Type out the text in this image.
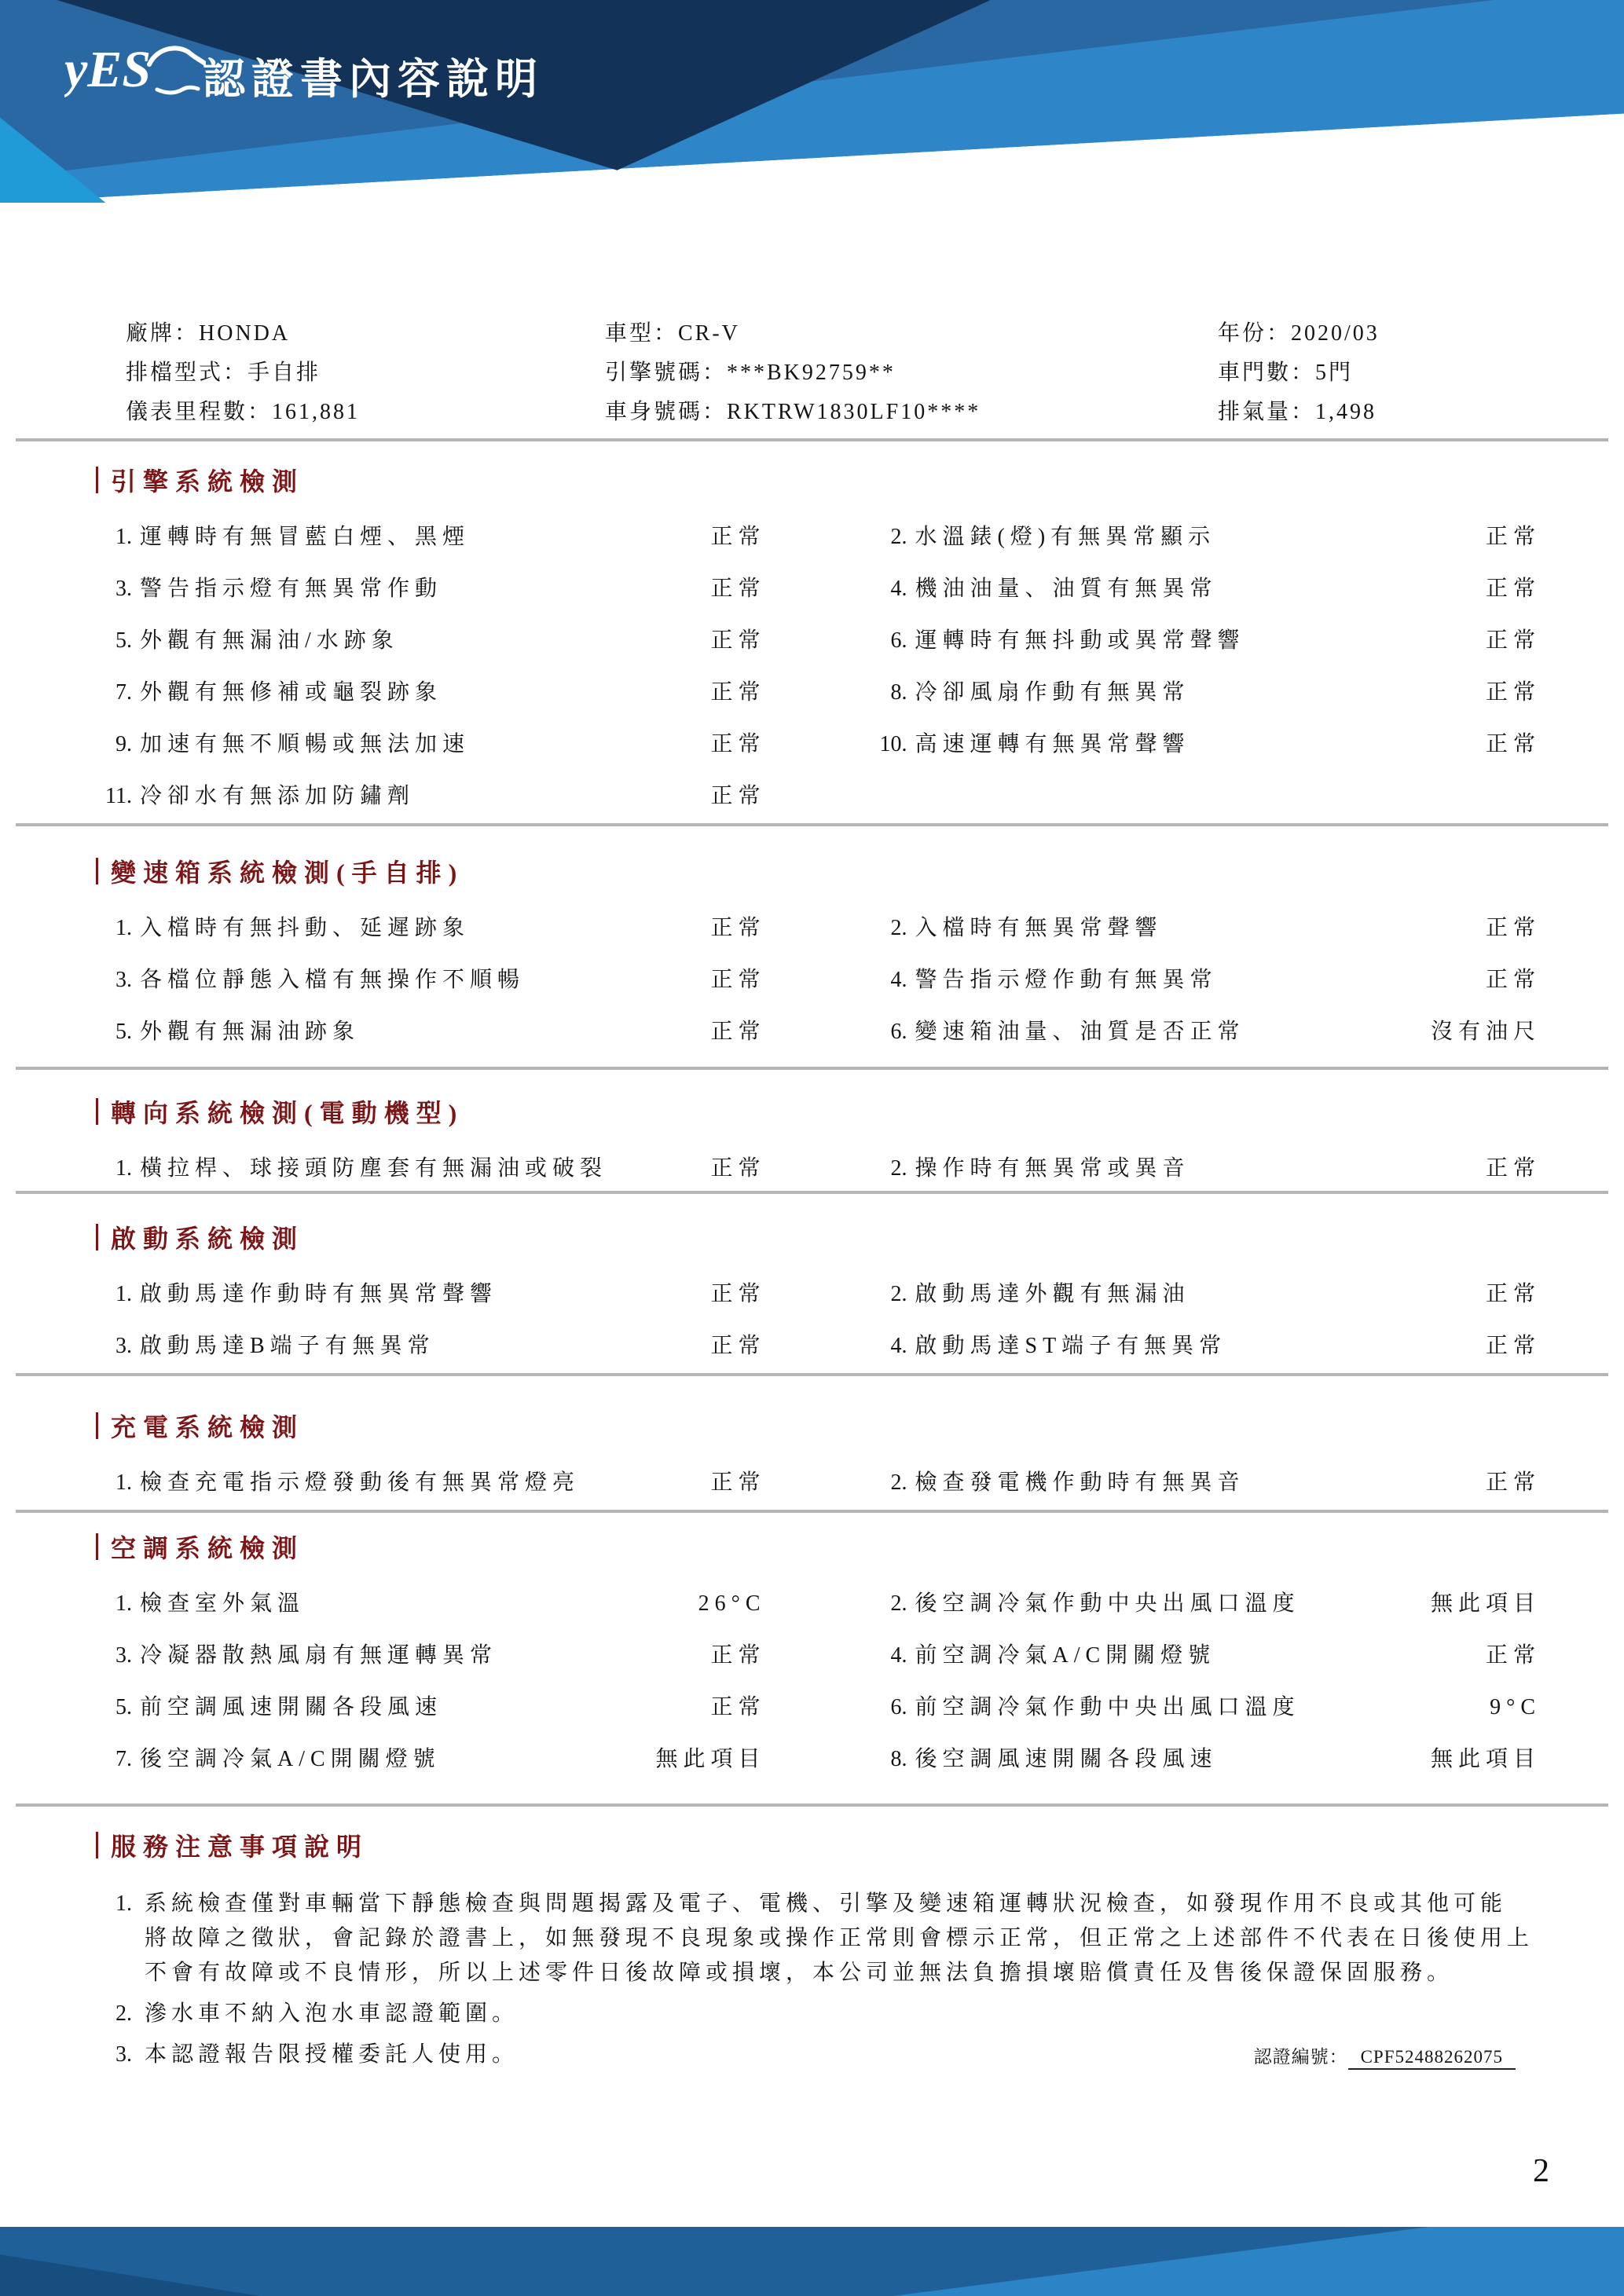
yES 認證書內容說明
廠牌：HONDA	車型：CR-V	年份：2020/03
排檔型式：手自排	引擎號碼：***BK92759**	車門數：5門
儀表里程數：161,881	車身號碼：RKTRW1830LF10****	排氣量：1,498
引擎系統檢測
1. 運轉時有無冒藍白煙、黑煙	正常	2. 水溫錶(燈)有無異常顯示	正常
3. 警告指示燈有無異常作動	正常	4. 機油油量、油質有無異常	正常
5. 外觀有無漏油/水跡象	正常	6. 運轉時有無抖動或異常聲響	正常
7. 外觀有無修補或龜裂跡象	正常	8. 冷卻風扇作動有無異常	正常
9. 加速有無不順暢或無法加速	正常	10. 高速運轉有無異常聲響	正常
11. 冷卻水有無添加防鏽劑	正常
變速箱系統檢測(手自排)
1. 入檔時有無抖動、延遲跡象	正常	2. 入檔時有無異常聲響	正常
3. 各檔位靜態入檔有無操作不順暢	正常	4. 警告指示燈作動有無異常	正常
5. 外觀有無漏油跡象	正常	6. 變速箱油量、油質是否正常	沒有油尺
轉向系統檢測(電動機型)
1. 橫拉桿、球接頭防塵套有無漏油或破裂	正常	2. 操作時有無異常或異音	正常
啟動系統檢測
1. 啟動馬達作動時有無異常聲響	正常	2. 啟動馬達外觀有無漏油	正常
3. 啟動馬達B端子有無異常	正常	4. 啟動馬達ST端子有無異常	正常
充電系統檢測
1. 檢查充電指示燈發動後有無異常燈亮	正常	2. 檢查發電機作動時有無異音	正常
空調系統檢測
1. 檢查室外氣溫	26°C	2. 後空調冷氣作動中央出風口溫度	無此項目
3. 冷凝器散熱風扇有無運轉異常	正常	4. 前空調冷氣A/C開關燈號	正常
5. 前空調風速開關各段風速	正常	6. 前空調冷氣作動中央出風口溫度	9°C
7. 後空調冷氣A/C開關燈號	無此項目	8. 後空調風速開關各段風速	無此項目
服務注意事項說明
1. 系統檢查僅對車輛當下靜態檢查與問題揭露及電子、電機、引擎及變速箱運轉狀況檢查，如發現作用不良或其他可能
將故障之徵狀，會記錄於證書上，如無發現不良現象或操作正常則會標示正常，但正常之上述部件不代表在日後使用上
不會有故障或不良情形，所以上述零件日後故障或損壞，本公司並無法負擔損壞賠償責任及售後保證保固服務。
2. 滲水車不納入泡水車認證範圍。
3. 本認證報告限授權委託人使用。	認證編號： CPF52488262075
2
